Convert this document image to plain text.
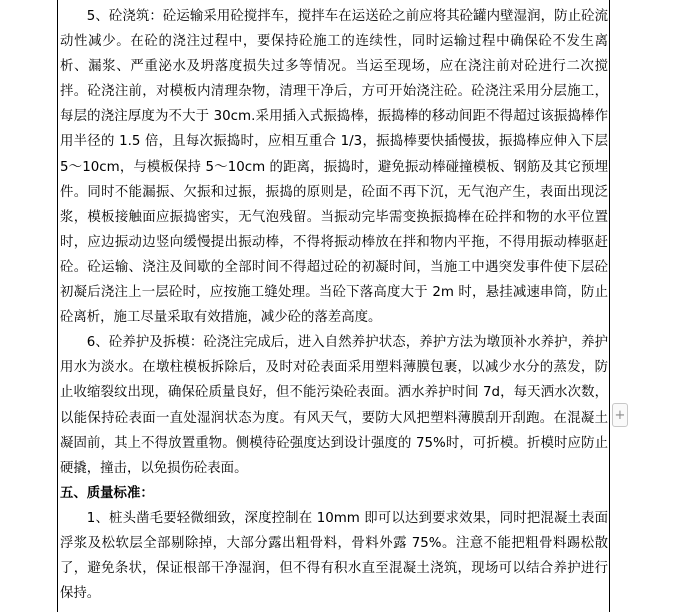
5、砼浇筑：砼运输采用砼搅拌车，搅拌车在运送砼之前应将其砼罐内壁湿润，防止砼流动性减少。在砼的浇注过程中，要保持砼施工的连续性，同时运输过程中确保砼不发生离析、漏浆、严重泌水及坍落度损失过多等情况。当运至现场，应在浇注前对砼进行二次搅拌。砼浇注前，对模板内清理杂物，清理干净后，方可开始浇注砼。砼浇注采用分层施工，每层的浇注厚度为不大于 30cm.采用插入式振捣棒，振捣棒的移动间距不得超过该振捣棒作用半径的 1.5 倍，且每次振捣时，应相互重合 1/3，振捣棒要快插慢拔，振捣棒应伸入下层 5～10cm，与模板保持 5～10cm 的距离，振捣时，避免振动棒碰撞模板、钢筋及其它预埋件。同时不能漏振、欠振和过振，振捣的原则是，砼面不再下沉，无气泡产生，表面出现泛浆，模板接触面应振捣密实，无气泡残留。当振动完毕需变换振捣棒在砼拌和物的水平位置时，应边振动边竖向缓慢提出振动棒，不得将振动棒放在拌和物内平拖，不得用振动棒驱赶砼。砼运输、浇注及间歇的全部时间不得超过砼的初凝时间，当施工中遇突发事件使下层砼初凝后浇注上一层砼时，应按施工缝处理。当砼下落高度大于 2m 时，悬挂减速串筒，防止砼离析，施工尽量采取有效措施，减少砼的落差高度。

6、砼养护及拆模：砼浇注完成后，进入自然养护状态，养护方法为墩顶补水养护，养护用水为淡水。在墩柱模板拆除后，及时对砼表面采用塑料薄膜包裹，以减少水分的蒸发，防止收缩裂纹出现，确保砼质量良好，但不能污染砼表面。洒水养护时间 7d，每天洒水次数，以能保持砼表面一直处湿润状态为度。有风天气，要防大风把塑料薄膜刮开刮跑。在混凝土凝固前，其上不得放置重物。侧模待砼强度达到设计强度的 75%时，可折模。折模时应防止硬撬，撞击，以免损伤砼表面。

五、质量标准：

1、桩头凿毛要轻微细致，深度控制在 10mm 即可以达到要求效果，同时把混凝土表面浮浆及松软层全部剔除掉，大部分露出粗骨料，骨料外露 75%。注意不能把粗骨料踢松散了，避免条状，保证根部干净湿润，但不得有积水直至混凝土浇筑，现场可以结合养护进行保持。

+
